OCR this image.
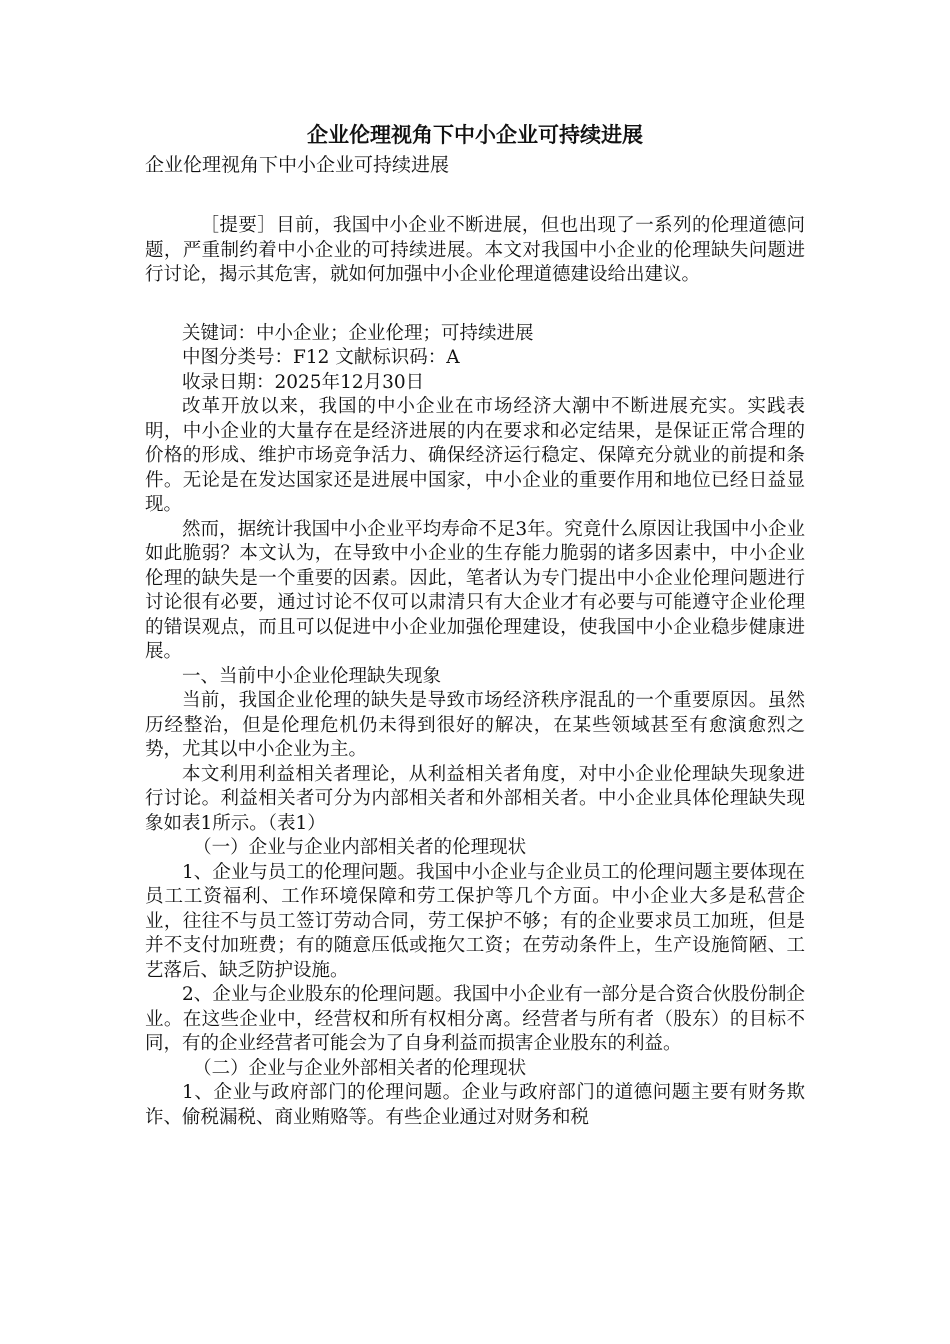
企业伦理视角下中小企业可持续进展
企业伦理视角下中小企业可持续进展

［提要］目前，我国中小企业不断进展，但也出现了一系列的伦理道德问题，严重制约着中小企业的可持续进展。本文对我国中小企业的伦理缺失问题进行讨论，揭示其危害，就如何加强中小企业伦理道德建设给出建议。

关键词：中小企业；企业伦理；可持续进展

中图分类号：F12 文献标识码：A

收录日期：2025年12月30日

改革开放以来，我国的中小企业在市场经济大潮中不断进展充实。实践表明，中小企业的大量存在是经济进展的内在要求和必定结果，是保证正常合理的价格的形成、维护市场竞争活力、确保经济运行稳定、保障充分就业的前提和条件。无论是在发达国家还是进展中国家，中小企业的重要作用和地位已经日益显现。

然而，据统计我国中小企业平均寿命不足3年。究竟什么原因让我国中小企业如此脆弱？本文认为，在导致中小企业的生存能力脆弱的诸多因素中，中小企业伦理的缺失是一个重要的因素。因此，笔者认为专门提出中小企业伦理问题进行讨论很有必要，通过讨论不仅可以肃清只有大企业才有必要与可能遵守企业伦理的错误观点，而且可以促进中小企业加强伦理建设，使我国中小企业稳步健康进展。

一、当前中小企业伦理缺失现象

当前，我国企业伦理的缺失是导致市场经济秩序混乱的一个重要原因。虽然历经整治，但是伦理危机仍未得到很好的解决，在某些领域甚至有愈演愈烈之势，尤其以中小企业为主。

本文利用利益相关者理论，从利益相关者角度，对中小企业伦理缺失现象进行讨论。利益相关者可分为内部相关者和外部相关者。中小企业具体伦理缺失现象如表1所示。（表1）

（一）企业与企业内部相关者的伦理现状

1、企业与员工的伦理问题。我国中小企业与企业员工的伦理问题主要体现在员工工资福利、工作环境保障和劳工保护等几个方面。中小企业大多是私营企业，往往不与员工签订劳动合同，劳工保护不够；有的企业要求员工加班，但是并不支付加班费；有的随意压低或拖欠工资；在劳动条件上，生产设施简陋、工艺落后、缺乏防护设施。

2、企业与企业股东的伦理问题。我国中小企业有一部分是合资合伙股份制企业。在这些企业中，经营权和所有权相分离。经营者与所有者（股东）的目标不同，有的企业经营者可能会为了自身利益而损害企业股东的利益。

（二）企业与企业外部相关者的伦理现状

1、企业与政府部门的伦理问题。企业与政府部门的道德问题主要有财务欺诈、偷税漏税、商业贿赂等。有些企业通过对财务和税
